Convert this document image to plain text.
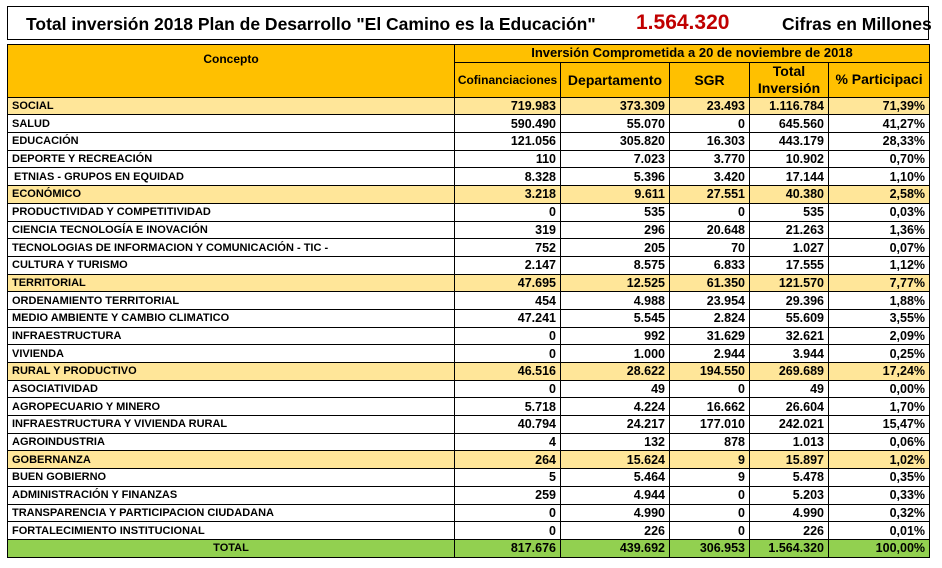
Total inversión 2018 Plan de Desarrollo "El Camino es la Educación" 1.564.320	Cifras en Millones
Concepto	Inversión Comprometida a 20 de noviembre de 2018				
	Cofinanciaciones	Departamento	SGR	Total Inversión	% Participaci
SOCIAL	719.983	373.309	23.493	1.116.784	71,39%
SALUD	590.490	55.070	0	645.560	41,27%
EDUCACIÓN	121.056	305.820	16.303	443.179	28,33%
DEPORTE Y RECREACIÓN	110	7.023	3.770	10.902	0,70%
ETNIAS - GRUPOS EN EQUIDAD	8.328	5.396	3.420	17.144	1,10%
ECONÓMICO	3.218	9.611	27.551	40.380	2,58%
PRODUCTIVIDAD Y COMPETITIVIDAD	0	535	0	535	0,03%
CIENCIA TECNOLOGÍA E INOVACIÓN	319	296	20.648	21.263	1,36%
TECNOLOGIAS DE INFORMACION Y COMUNICACIÓN - TIC -	752	205	70	1.027	0,07%
CULTURA Y TURISMO	2.147	8.575	6.833	17.555	1,12%
TERRITORIAL	47.695	12.525	61.350	121.570	7,77%
ORDENAMIENTO TERRITORIAL	454	4.988	23.954	29.396	1,88%
MEDIO AMBIENTE Y CAMBIO CLIMATICO	47.241	5.545	2.824	55.609	3,55%
INFRAESTRUCTURA	0	992	31.629	32.621	2,09%
VIVIENDA	0	1.000	2.944	3.944	0,25%
RURAL Y PRODUCTIVO	46.516	28.622	194.550	269.689	17,24%
ASOCIATIVIDAD	0	49	0	49	0,00%
AGROPECUARIO Y MINERO	5.718	4.224	16.662	26.604	1,70%
INFRAESTRUCTURA Y VIVIENDA RURAL	40.794	24.217	177.010	242.021	15,47%
AGROINDUSTRIA	4	132	878	1.013	0,06%
GOBERNANZA	264	15.624	9	15.897	1,02%
BUEN GOBIERNO	5	5.464	9	5.478	0,35%
ADMINISTRACIÓN Y FINANZAS	259	4.944	0	5.203	0,33%
TRANSPARENCIA Y PARTICIPACION CIUDADANA	0	4.990	0	4.990	0,32%
FORTALECIMIENTO INSTITUCIONAL	0	226	0	226	0,01%
TOTAL	817.676	439.692	306.953	1.564.320	100,00%
